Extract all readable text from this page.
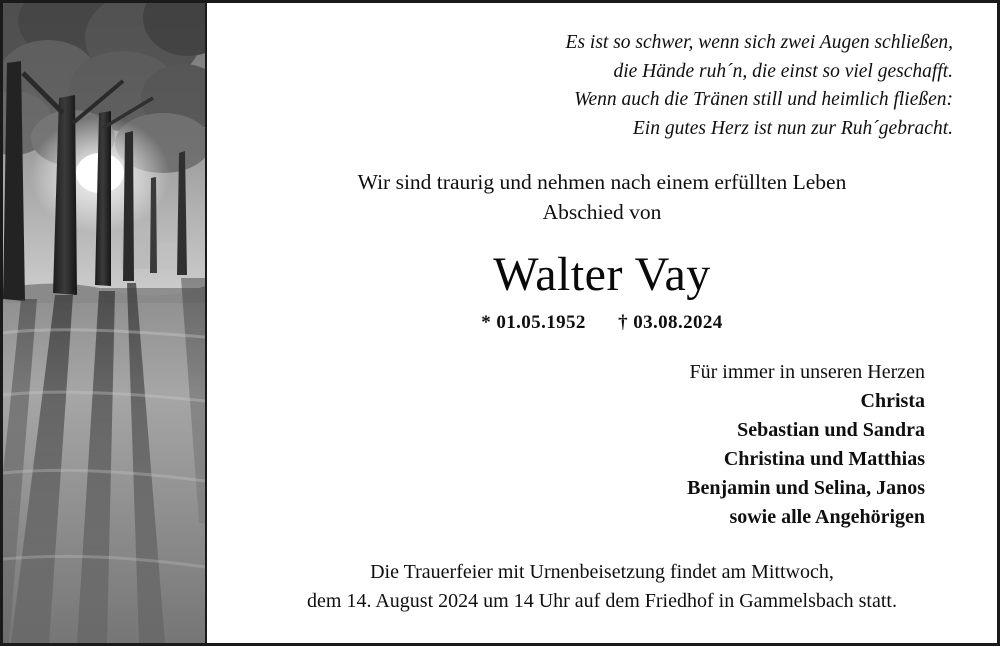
Es ist so schwer, wenn sich zwei Augen schließen,
die Hände ruh´n, die einst so viel geschafft.
Wenn auch die Tränen still und heimlich fließen:
Ein gutes Herz ist nun zur Ruh´gebracht.
Wir sind traurig und nehmen nach einem erfüllten Leben
Abschied von
Walter Vay
* 01.05.1952 † 03.08.2024
Für immer in unseren Herzen
Christa
Sebastian und Sandra
Christina und Matthias
Benjamin und Selina, Janos
sowie alle Angehörigen
Die Trauerfeier mit Urnenbeisetzung findet am Mittwoch,
dem 14. August 2024 um 14 Uhr auf dem Friedhof in Gammelsbach statt.
